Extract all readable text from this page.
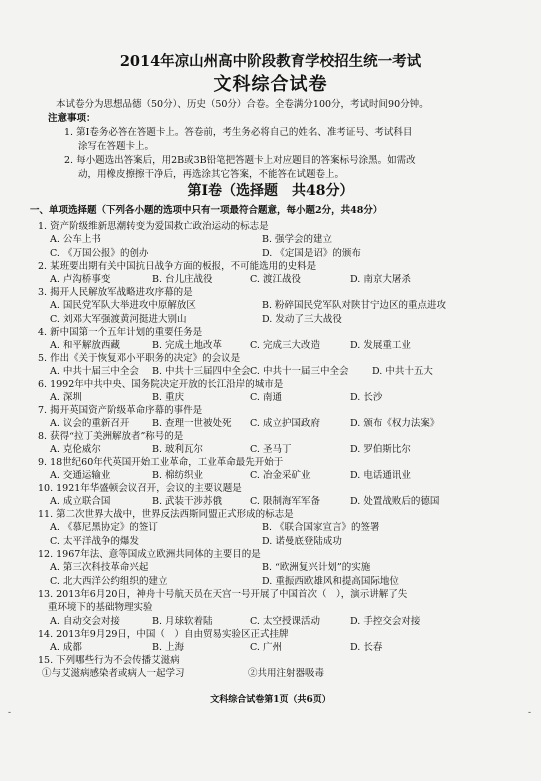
2014年凉山州高中阶段教育学校招生统一考试
文科综合试卷
本试卷分为思想品德（50分）、历史（50分）合卷。全卷满分100分，考试时间90分钟。
注意事项：
1. 第Ⅰ卷务必答在答题卡上。答卷前，考生务必将自己的姓名、准考证号、考试科目
涂写在答题卡上。
2. 每小题选出答案后，用2B或3B铅笔把答题卡上对应题目的答案标号涂黑。如需改
动，用橡皮擦擦干净后，再选涂其它答案，不能答在试题卷上。
第Ⅰ卷（选择题　共48分）
一、单项选择题（下列各小题的选项中只有一项最符合题意，每小题2分，共48分）
1. 资产阶级维新思潮转变为爱国救亡政治运动的标志是
A. 公车上书	B. 强学会的建立
C. 《万国公报》的创办	D. 《定国是诏》的颁布
2. 某班要出期有关中国抗日战争方面的板报，不可能选用的史料是
A. 卢沟桥事变	B. 台儿庄战役	C. 渡江战役	D. 南京大屠杀
3. 揭开人民解放军战略进攻序幕的是
A. 国民党军队大举进攻中原解放区	B. 粉碎国民党军队对陕甘宁边区的重点进攻
C. 刘邓大军强渡黄河挺进大别山	D. 发动了三大战役
4. 新中国第一个五年计划的重要任务是
A. 和平解放西藏	B. 完成土地改革	C. 完成三大改造	D. 发展重工业
5. 作出《关于恢复邓小平职务的决定》的会议是
A. 中共十届三中全会 B. 中共十三届四中全会 C. 中共十一届三中全会 D. 中共十五大
6. 1992年中共中央、国务院决定开放的长江沿岸的城市是
A. 深圳	B. 重庆	C. 南通	D. 长沙
7. 揭开英国资产阶级革命序幕的事件是
A. 议会的重新召开 B. 查理一世被处死 C. 成立护国政府	D. 颁布《权力法案》
8. 获得“拉丁美洲解放者”称号的是
A. 克伦威尔	B. 玻利瓦尔	C. 圣马丁	D. 罗伯斯比尔
9. 18世纪60年代英国开始工业革命，工业革命最先开始于
A. 交通运输业	B. 棉纺织业	C. 冶金采矿业	D. 电话通讯业
10. 1921年华盛顿会议召开，会议的主要议题是
A. 成立联合国	B. 武装干涉苏俄	C. 限制海军军备	D. 处置战败后的德国
11. 第二次世界大战中，世界反法西斯同盟正式形成的标志是
A. 《慕尼黑协定》的签订	B. 《联合国家宣言》的签署
C. 太平洋战争的爆发	D. 诺曼底登陆成功
12. 1967年法、意等国成立欧洲共同体的主要目的是
A. 第三次科技革命兴起	B. “欧洲复兴计划”的实施
C. 北大西洋公约组织的建立	D. 重振西欧雄风和提高国际地位
13. 2013年6月20日，神舟十号航天员在天宫一号开展了中国首次（　），演示讲解了失
重环境下的基础物理实验
A. 自动交会对接	B. 月球软着陆	C. 太空授课活动	D. 手控交会对接
14. 2013年9月29日，中国（　）自由贸易实验区正式挂牌
A. 成都	B. 上海	C. 广州	D. 长春
15. 下列哪些行为不会传播艾滋病
①与艾滋病感染者或病人一起学习	②共用注射器吸毒
文科综合试卷第1页（共6页）
-	-
